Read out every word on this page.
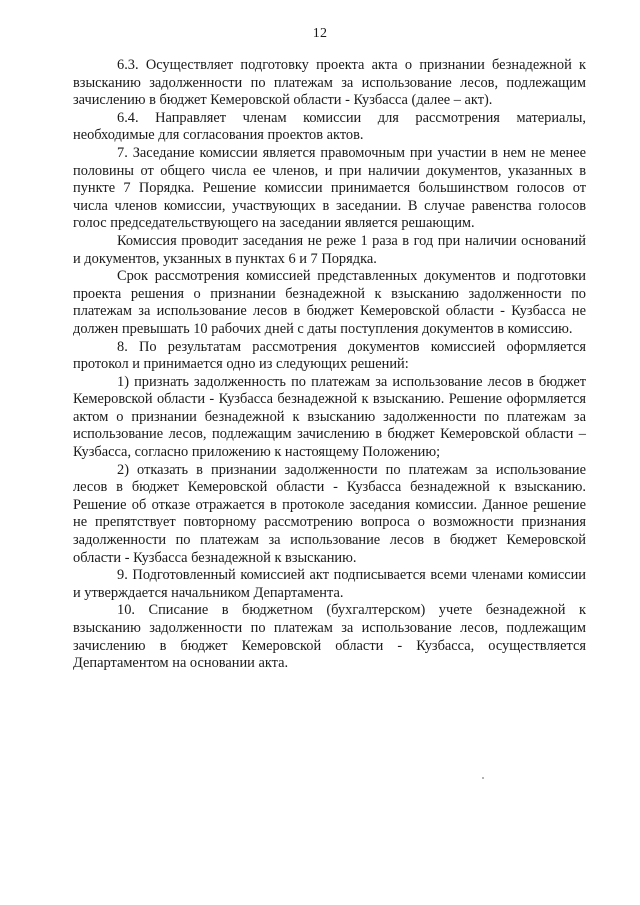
12

6.3. Осуществляет подготовку проекта акта о признании безнадежной к взысканию задолженности по платежам за использование лесов, подлежащим зачислению в бюджет Кемеровской области - Кузбасса (далее – акт).

6.4. Направляет членам комиссии для рассмотрения материалы, необходимые для согласования проектов актов.

7. Заседание комиссии является правомочным при участии в нем не менее половины от общего числа ее членов, и при наличии документов, указанных в пункте 7 Порядка. Решение комиссии принимается большинством голосов от числа членов комиссии, участвующих в заседании. В случае равенства голосов голос председательствующего на заседании является решающим.

Комиссия проводит заседания не реже 1 раза в год при наличии оснований и документов, укзанных в пунктах 6 и 7 Порядка.

Срок рассмотрения комиссией представленных документов и подготовки проекта решения о признании безнадежной к взысканию задолженности по платежам за использование лесов в бюджет Кемеровской области - Кузбасса не должен превышать 10 рабочих дней с даты поступления документов в комиссию.

8. По результатам рассмотрения документов комиссией оформляется протокол и принимается одно из следующих решений:

1) признать задолженность по платежам за использование лесов в бюджет Кемеровской области - Кузбасса безнадежной к взысканию. Решение оформляется актом о признании безнадежной к взысканию задолженности по платежам за использование лесов, подлежащим зачислению в бюджет Кемеровской области – Кузбасса, согласно приложению к настоящему Положению;

2) отказать в признании задолженности по платежам за использование лесов в бюджет Кемеровской области - Кузбасса безнадежной к взысканию. Решение об отказе отражается в протоколе заседания комиссии. Данное решение не препятствует повторному рассмотрению вопроса о возможности признания задолженности по платежам за использование лесов в бюджет Кемеровской области - Кузбасса безнадежной к взысканию.

9. Подготовленный комиссией акт подписывается всеми членами комиссии и утверждается начальником Департамента.

10. Списание в бюджетном (бухгалтерском) учете безнадежной к взысканию задолженности по платежам за использование лесов, подлежащим зачислению в бюджет Кемеровской области - Кузбасса, осуществляется Департаментом на основании акта.
